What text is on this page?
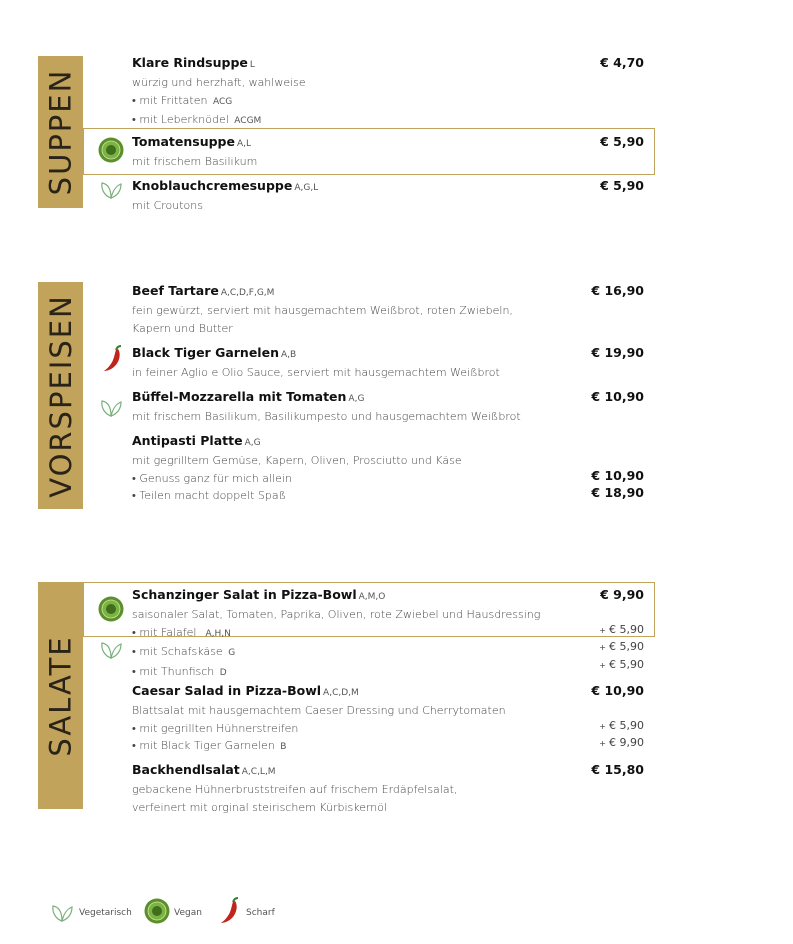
SUPPEN
Klare Rindsuppe L
würzig und herzhaft, wahlweise
• mit Frittaten ACG
• mit Leberknödel ACGM
€ 4,70
Tomatensuppe A,L
mit frischem Basilikum
€ 5,90
Knoblauchcremesuppe A,G,L
mit Croutons
€ 5,90
VORSPEISEN
Beef Tartare A,C,D,F,G,M
fein gewürzt, serviert mit hausgemachtem Weißbrot, roten Zwiebeln,
Kapern und Butter
€ 16,90
Black Tiger Garnelen A,B
in feiner Aglio e Olio Sauce, serviert mit hausgemachtem Weißbrot
€ 19,90
Büffel-Mozzarella mit Tomaten A,G
mit frischem Basilikum, Basilikumpesto und hausgemachtem Weißbrot
€ 10,90
Antipasti Platte A,G
mit gegrilltem Gemüse, Kapern, Oliven, Prosciutto und Käse
• Genuss ganz für mich allein
• Teilen macht doppelt Spaß
€ 10,90
€ 18,90
SALATE
Schanzinger Salat in Pizza-Bowl A,M,O
saisonaler Salat, Tomaten, Paprika, Oliven, rote Zwiebel und Hausdressing
• mit Falafel A,H,N
• mit Schafskäse G
• mit Thunfisch D
€ 9,90
+ € 5,90
+ € 5,90
+ € 5,90
Caesar Salad in Pizza-Bowl A,C,D,M
Blattsalat mit hausgemachtem Caeser Dressing und Cherrytomaten
• mit gegrillten Hühnerstreifen
• mit Black Tiger Garnelen B
€ 10,90
+ € 5,90
+ € 9,90
Backhendlsalat A,C,L,M
gebackene Hühnerbruststreifen auf frischem Erdäpfelsalat,
verfeinert mit orginal steirischem Kürbiskernöl
€ 15,80
Vegetarisch	Vegan	Scharf
